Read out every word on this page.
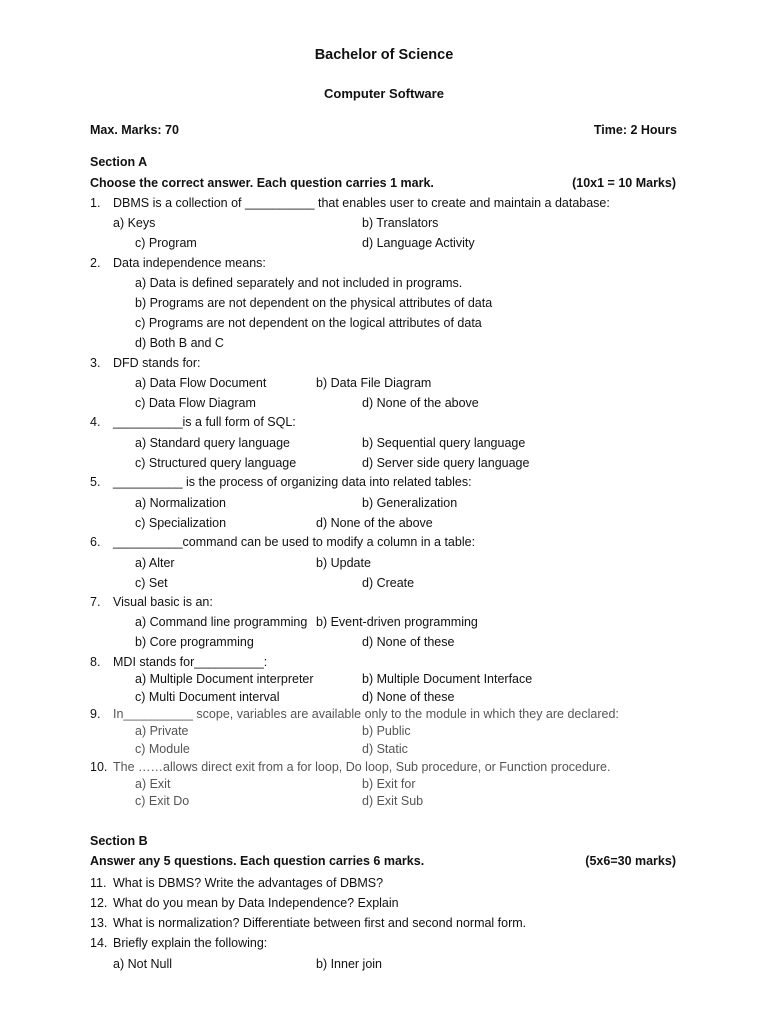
Bachelor of Science
Computer Software
Max. Marks: 70	Time: 2 Hours
Section A
Choose the correct answer. Each question carries 1 mark.	(10x1 = 10 Marks)
1. DBMS is a collection of __________ that enables user to create and maintain a database:
a) Keys	b) Translators
c) Program	d) Language Activity
2. Data independence means:
a) Data is defined separately and not included in programs.
b) Programs are not dependent on the physical attributes of data
c) Programs are not dependent on the logical attributes of data
d) Both B and C
3. DFD stands for:
a) Data Flow Document	b) Data File Diagram
c) Data Flow Diagram	d) None of the above
4. __________is a full form of SQL:
a) Standard query language	b) Sequential query language
c) Structured query language	d) Server side query language
5. __________ is the process of organizing data into related tables:
a) Normalization	b) Generalization
c) Specialization	d) None of the above
6. __________command can be used to modify a column in a table:
a) Alter	b) Update
c) Set	d) Create
7. Visual basic is an:
a) Command line programming b) Event-driven programming
b) Core programming	d) None of these
8. MDI stands for__________:
a) Multiple Document interpreter	b) Multiple Document Interface
c) Multi Document interval	d) None of these
9. In__________ scope, variables are available only to the module in which they are declared:
a) Private	b) Public
c) Module	d) Static
10. The ……allows direct exit from a for loop, Do loop, Sub procedure, or Function procedure.
a) Exit	b) Exit for
c) Exit Do	d) Exit Sub
Section B
Answer any 5 questions. Each question carries 6 marks.	(5x6=30 marks)
11. What is DBMS? Write the advantages of DBMS?
12. What do you mean by Data Independence? Explain
13. What is normalization? Differentiate between first and second normal form.
14. Briefly explain the following:
a) Not Null	b) Inner join
